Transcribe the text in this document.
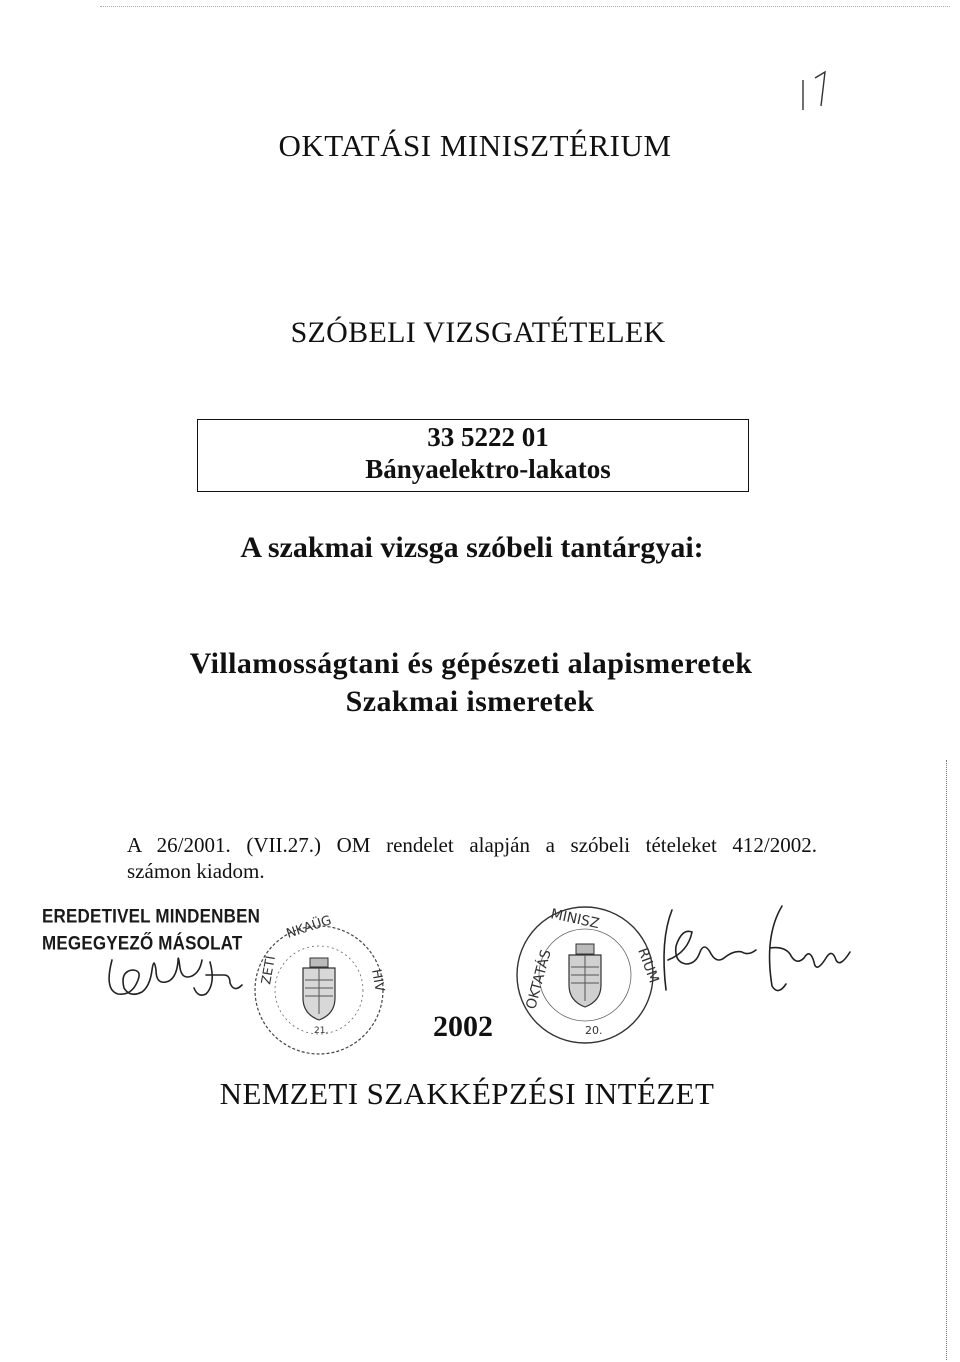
OKTATÁSI MINISZTÉRIUM
SZÓBELI VIZSGATÉTELEK
33 5222 01
Bányaelektro-lakatos
A szakmai vizsga szóbeli tantárgyai:
Villamosságtani és gépészeti alapismeretek
Szakmai ismeretek
A 26/2001. (VII.27.) OM rendelet alapján a szóbeli tételeket 412/2002.
számon kiadom.
EREDETIVEL MINDENBEN
MEGEGYEZŐ MÁSOLAT
2002
NEMZETI SZAKKÉPZÉSI INTÉZET
21.
NKAÜG
ZETI	HIV
MINISZ
OKTATÁS	RIUM
20.
